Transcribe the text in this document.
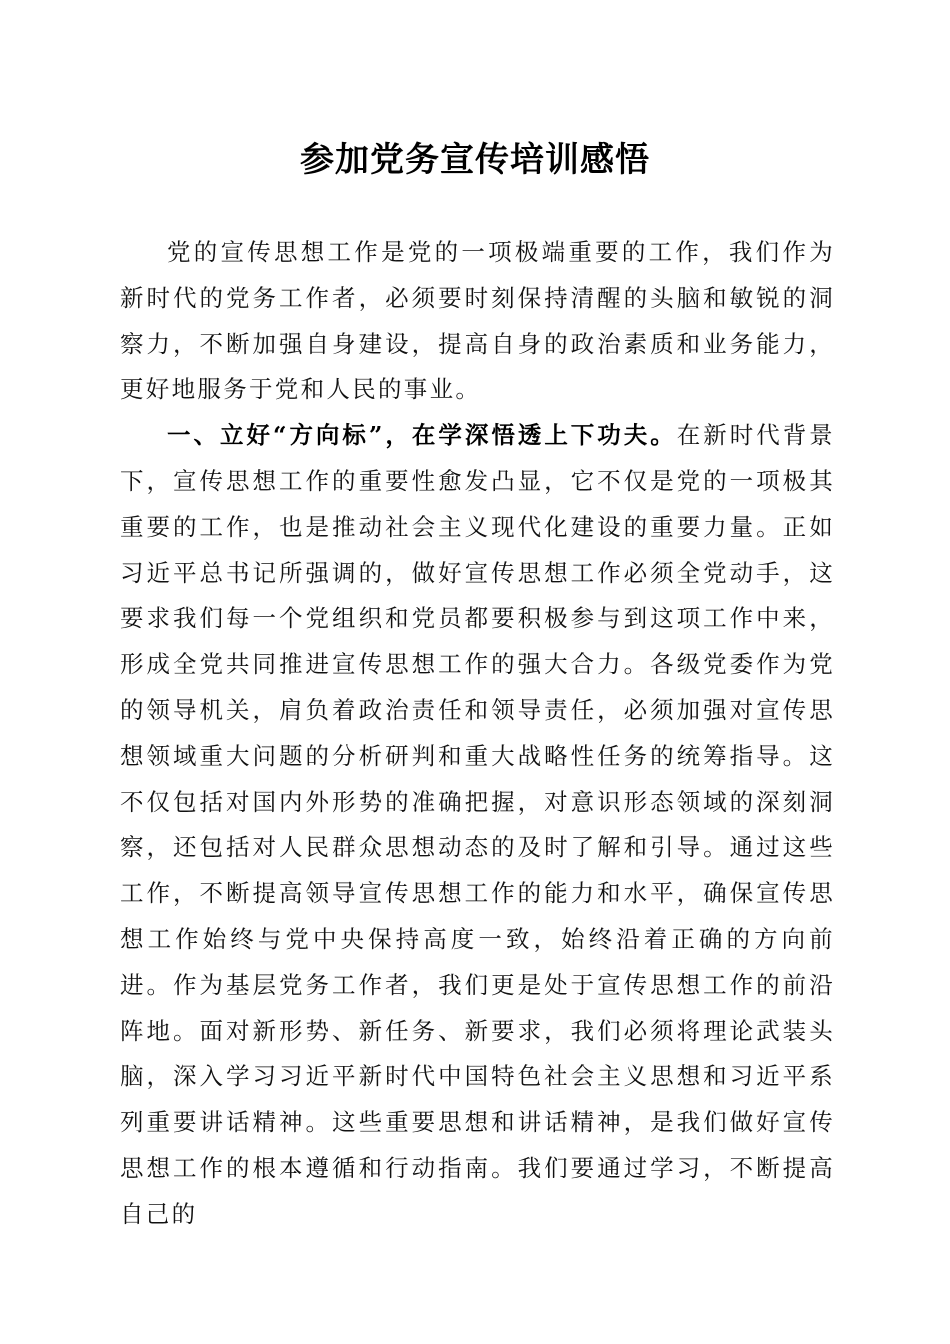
参加党务宣传培训感悟

党的宣传思想工作是党的一项极端重要的工作，我们作为新时代的党务工作者，必须要时刻保持清醒的头脑和敏锐的洞察力，不断加强自身建设，提高自身的政治素质和业务能力，更好地服务于党和人民的事业。

一、立好“方向标”，在学深悟透上下功夫。在新时代背景下，宣传思想工作的重要性愈发凸显，它不仅是党的一项极其重要的工作，也是推动社会主义现代化建设的重要力量。正如习近平总书记所强调的，做好宣传思想工作必须全党动手，这要求我们每一个党组织和党员都要积极参与到这项工作中来，形成全党共同推进宣传思想工作的强大合力。各级党委作为党的领导机关，肩负着政治责任和领导责任，必须加强对宣传思想领域重大问题的分析研判和重大战略性任务的统筹指导。这不仅包括对国内外形势的准确把握，对意识形态领域的深刻洞察，还包括对人民群众思想动态的及时了解和引导。通过这些工作，不断提高领导宣传思想工作的能力和水平，确保宣传思想工作始终与党中央保持高度一致，始终沿着正确的方向前进。作为基层党务工作者，我们更是处于宣传思想工作的前沿阵地。面对新形势、新任务、新要求，我们必须将理论武装头脑，深入学习习近平新时代中国特色社会主义思想和习近平系列重要讲话精神。这些重要思想和讲话精神，是我们做好宣传思想工作的根本遵循和行动指南。我们要通过学习，不断提高自己的
